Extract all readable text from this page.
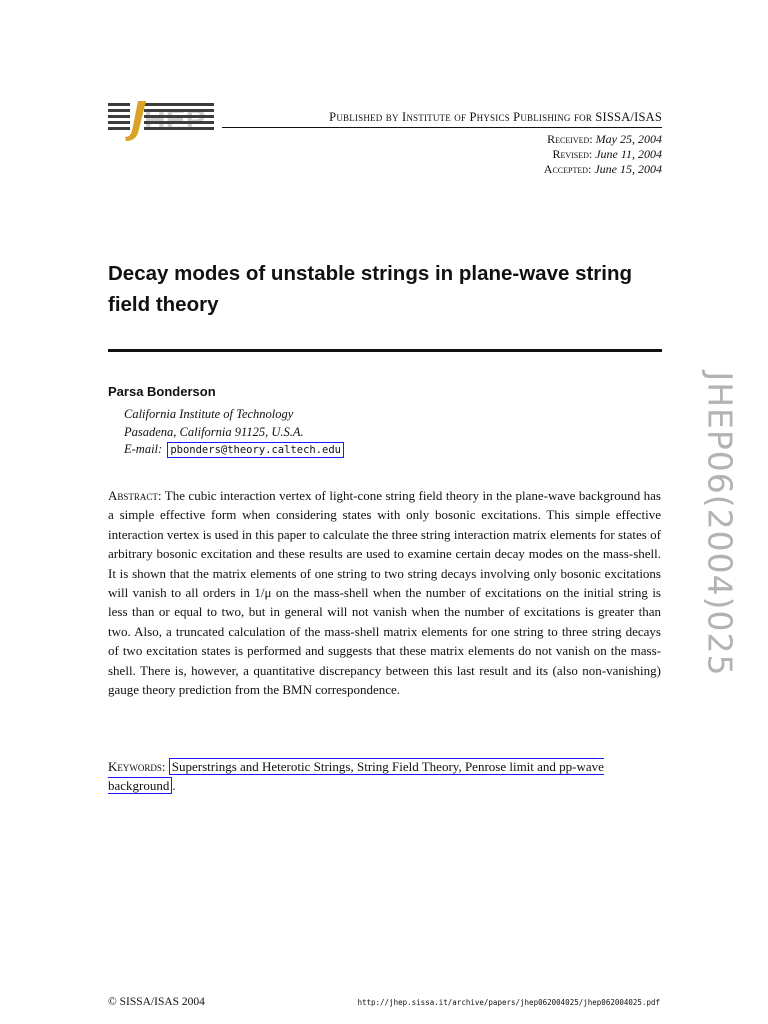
HEP	Published by Institute of Physics Publishing for SISSA/ISAS
Received: May 25, 2004
Revised: June 11, 2004
Accepted: June 15, 2004
Decay modes of unstable strings in plane-wave string field theory
Parsa Bonderson
California Institute of Technology
Pasadena, California 91125, U.S.A.
E-mail: pbonders@theory.caltech.edu
Abstract: The cubic interaction vertex of light-cone string field theory in the plane-wave background has a simple effective form when considering states with only bosonic excitations. This simple effective interaction vertex is used in this paper to calculate the three string interaction matrix elements for states of arbitrary bosonic excitation and these results are used to examine certain decay modes on the mass-shell. It is shown that the matrix elements of one string to two string decays involving only bosonic excitations will vanish to all orders in 1/μ on the mass-shell when the number of excitations on the initial string is less than or equal to two, but in general will not vanish when the number of excitations is greater than two. Also, a truncated calculation of the mass-shell matrix elements for one string to three string decays of two excitation states is performed and suggests that these matrix elements do not vanish on the mass-shell. There is, however, a quantitative discrepancy between this last result and its (also non-vanishing) gauge theory prediction from the BMN correspondence.
Keywords: Superstrings and Heterotic Strings, String Field Theory, Penrose limit and pp-wave background .
JHEP06(2004)025
© SISSA/ISAS 2004	http://jhep.sissa.it/archive/papers/jhep062004025/jhep062004025.pdf
